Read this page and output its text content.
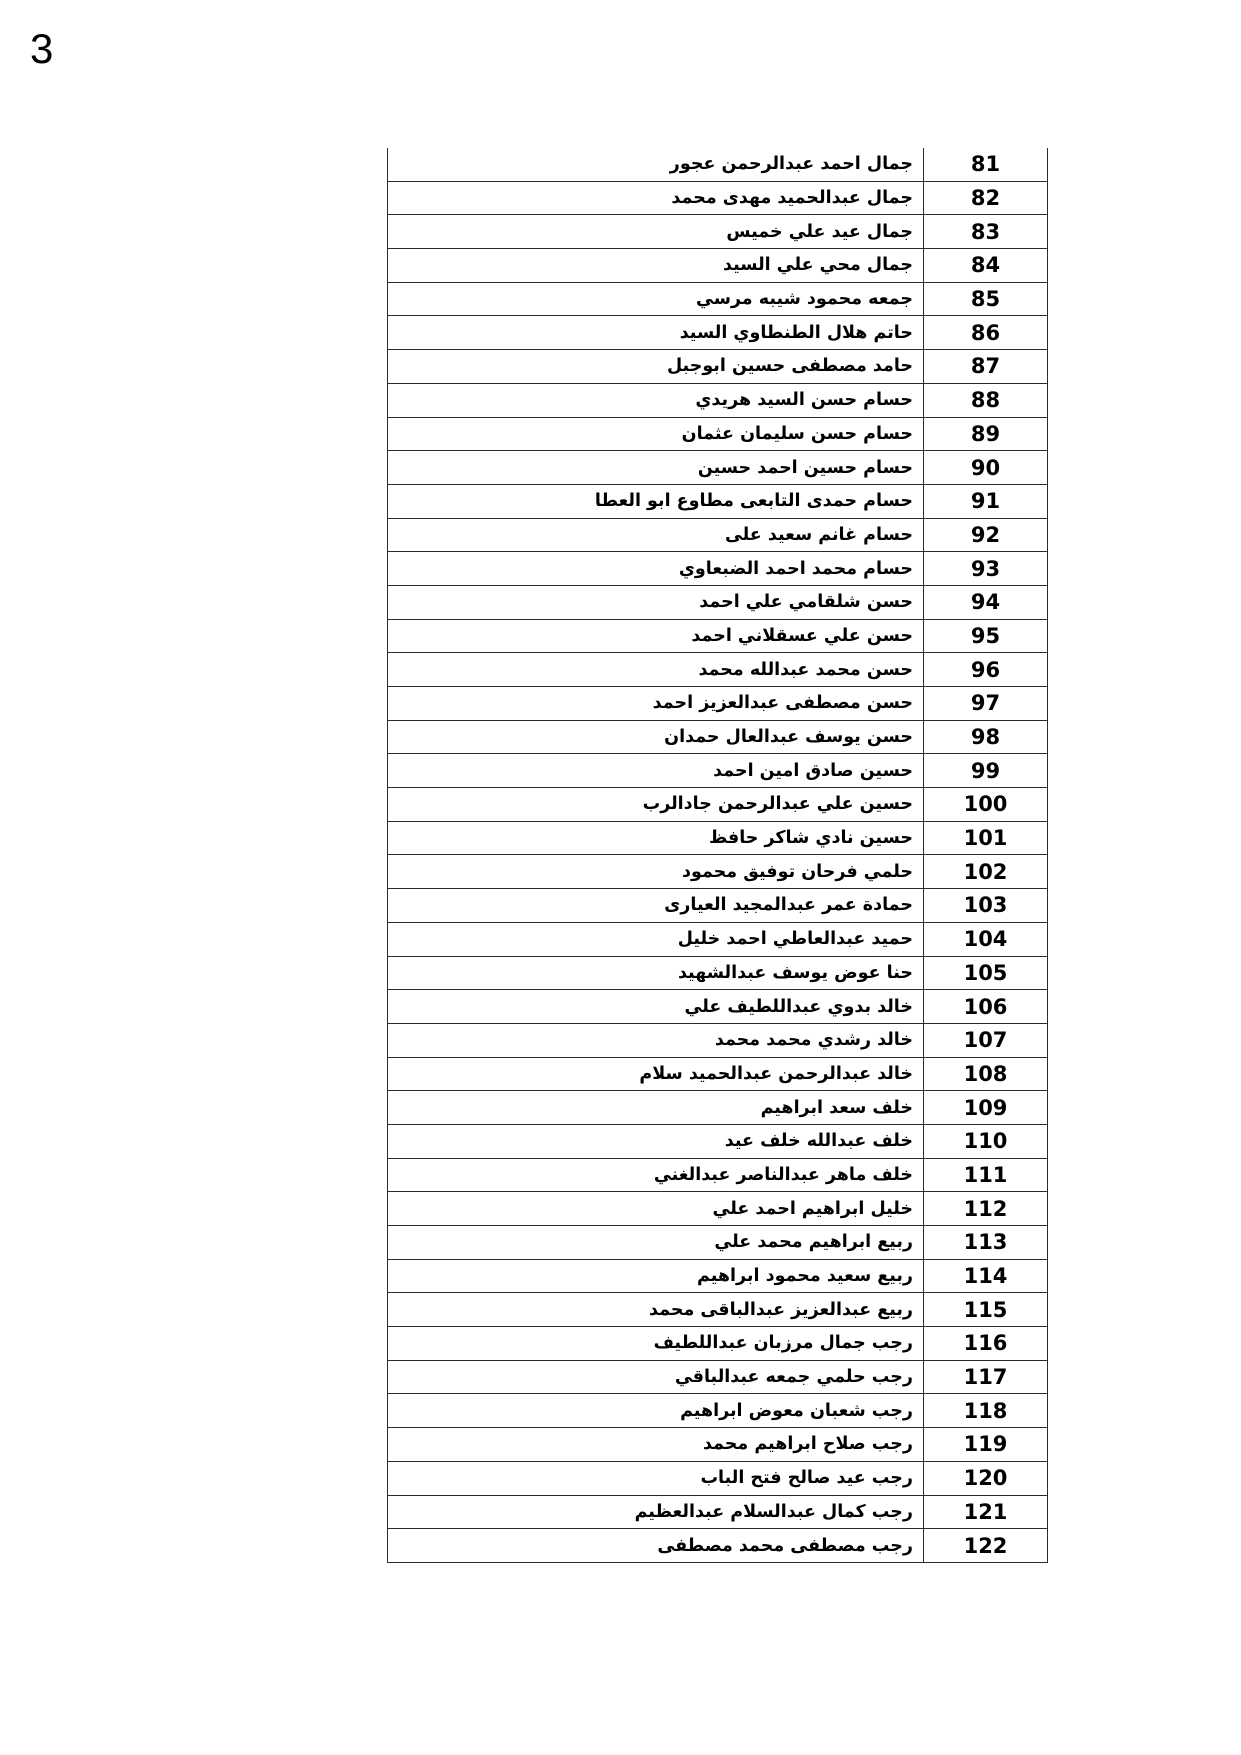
3
81	جمال احمد عبدالرحمن عجور
82	جمال عبدالحميد مهدى محمد
83	جمال عيد علي خميس
84	جمال محي علي السيد
85	جمعه محمود شيبه مرسي
86	حاتم هلال الطنطاوي السيد
87	حامد مصطفى حسين ابوجبل
88	حسام حسن السيد هريدي
89	حسام حسن سليمان عثمان
90	حسام حسين احمد حسين
91	حسام حمدى التابعى مطاوع ابو العطا
92	حسام غانم سعيد على
93	حسام محمد احمد الضبعاوي
94	حسن شلقامي علي احمد
95	حسن علي عسقلاني احمد
96	حسن محمد عبدالله محمد
97	حسن مصطفى عبدالعزيز احمد
98	حسن يوسف عبدالعال حمدان
99	حسين صادق امين احمد
100	حسين علي عبدالرحمن جادالرب
101	حسين نادي شاكر حافظ
102	حلمي فرحان توفيق محمود
103	حمادة عمر عبدالمجيد العيارى
104	حميد عبدالعاطي احمد خليل
105	حنا عوض يوسف عبدالشهيد
106	خالد بدوي عبداللطيف علي
107	خالد رشدي محمد محمد
108	خالد عبدالرحمن عبدالحميد سلام
109	خلف سعد ابراهيم
110	خلف عبدالله خلف عيد
111	خلف ماهر عبدالناصر عبدالغني
112	خليل ابراهيم احمد علي
113	ربيع ابراهيم محمد علي
114	ربيع سعيد محمود ابراهيم
115	ربيع عبدالعزيز عبدالباقى محمد
116	رجب جمال مرزبان عبداللطيف
117	رجب حلمي جمعه عبدالباقي
118	رجب شعبان معوض ابراهيم
119	رجب صلاح ابراهيم محمد
120	رجب عيد صالح فتح الباب
121	رجب كمال عبدالسلام عبدالعظيم
122	رجب مصطفى محمد مصطفى
